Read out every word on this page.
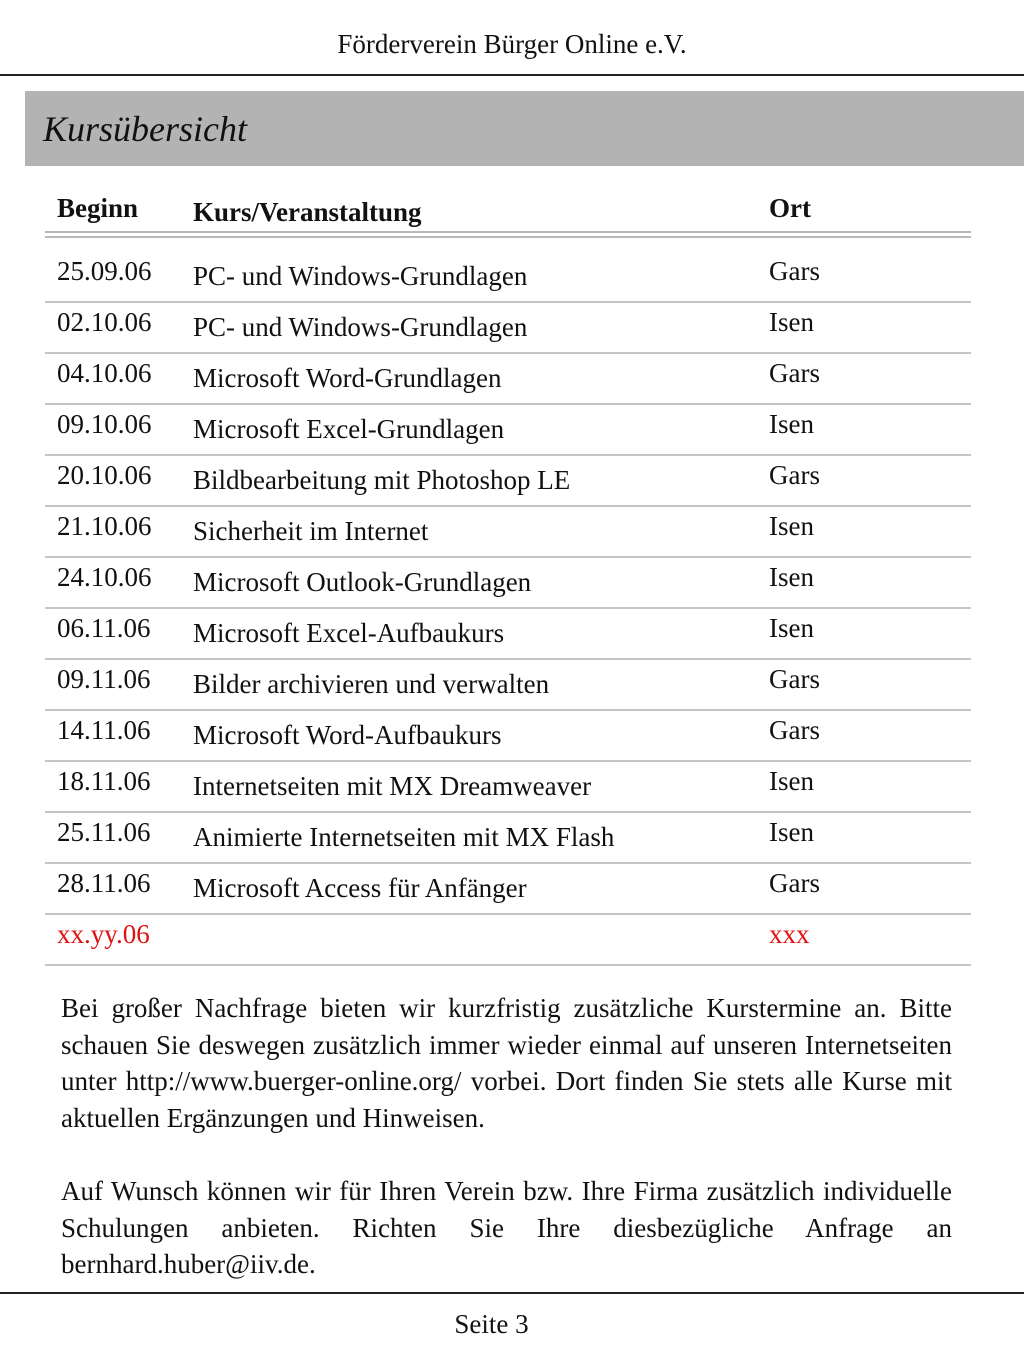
Förderverein Bürger Online e.V.
Kursübersicht
Beginn Kurs/Veranstaltung	Ort
25.09.06 PC- und Windows-Grundlagen	Gars
02.10.06 PC- und Windows-Grundlagen	Isen
04.10.06 Microsoft Word-Grundlagen	Gars
09.10.06 Microsoft Excel-Grundlagen	Isen
20.10.06 Bildbearbeitung mit Photoshop LE	Gars
21.10.06 Sicherheit im Internet	Isen
24.10.06 Microsoft Outlook-Grundlagen	Isen
06.11.06 Microsoft Excel-Aufbaukurs	Isen
09.11.06 Bilder archivieren und verwalten	Gars
14.11.06 Microsoft Word-Aufbaukurs	Gars
18.11.06 Internetseiten mit MX Dreamweaver	Isen
25.11.06 Animierte Internetseiten mit MX Flash	Isen
28.11.06 Microsoft Access für Anfänger	Gars
xx.yy.06	xxx
Bei großer Nachfrage bieten wir kurzfristig zusätzliche Kurstermine an. Bitte schauen Sie deswegen zusätzlich immer wieder einmal auf unseren Internetseiten unter http://www.buerger-online.org/ vorbei. Dort finden Sie stets alle Kurse mit aktuellen Ergänzungen und Hinweisen.
Auf Wunsch können wir für Ihren Verein bzw. Ihre Firma zusätzlich individuelle Schulungen anbieten. Richten Sie Ihre diesbezügliche Anfrage an bernhard.huber@iiv.de.
Seite 3
